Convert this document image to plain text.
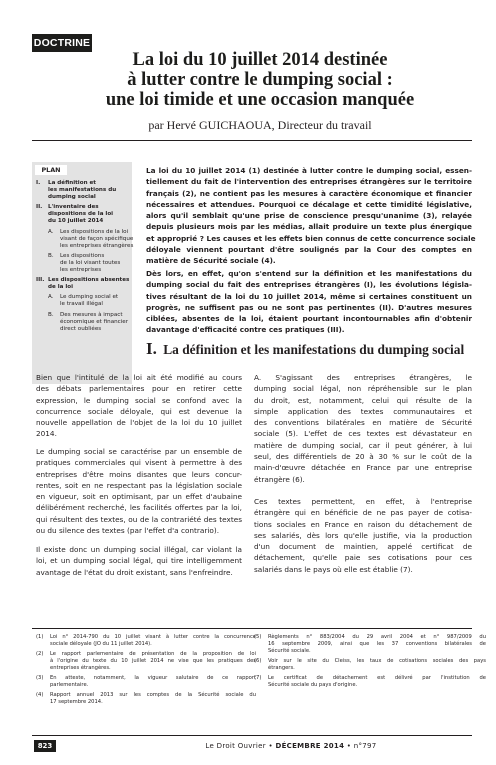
DOCTRINE
La loi du 10 juillet 2014 destinée
à lutter contre le dumping social :
une loi timide et une occasion manquée

par Hervé GUICHAOUA, Directeur du travail

PLAN
I. La définition et
les manifestations du
dumping social
II. L'inventaire des
dispositions de la loi
du 10 juillet 2014
A. Les dispositions de la loi
visant de façon spécifique
les entreprises étrangères
B. Les dispositions
de la loi visant toutes
les entreprises
III. Les dispositions absentes
de la loi
A. Le dumping social et
le travail illégal
B. Des mesures à impact
économique et financier
direct oubliées
La loi du 10 juillet 2014 (1) destinée à lutter contre le dumping social, essen-
tiellement du fait de l'intervention des entreprises étrangères sur le territoire
français (2), ne contient pas les mesures à caractère économique et financier
nécessaires et attendues. Pourquoi ce décalage et cette timidité législative,
alors qu'il semblait qu'une prise de conscience presqu'unanime (3), relayée
depuis plusieurs mois par les médias, allait produire un texte plus énergique
et approprié ? Les causes et les effets bien connus de cette concurrence sociale
déloyale viennent pourtant d'être soulignés par la Cour des comptes en
matière de Sécurité sociale (4).
Dès lors, en effet, qu'on s'entend sur la définition et les manifestations du
dumping social du fait des entreprises étrangères (I), les évolutions législa-
tives résultant de la loi du 10 juillet 2014, même si certaines constituent un
progrès, ne suffisent pas ou ne sont pas pertinentes (II). D'autres mesures
ciblées, absentes de la loi, étaient pourtant incontournables afin d'obtenir
davantage d'efficacité contre ces pratiques (III).
I. La définition et les manifestations du dumping social
Bien que l'intitulé de la loi ait été modifié au cours
des débats parlementaires pour en retirer cette
expression, le dumping social se confond avec la
concurrence sociale déloyale, qui est devenue la
nouvelle appellation de l'objet de la loi du 10 juillet
2014.
Le dumping social se caractérise par un ensemble de
pratiques commerciales qui visent à permettre à des
entreprises d'être moins disantes que leurs concur-
rentes, soit en ne respectant pas la législation sociale
en vigueur, soit en optimisant, par un effet d'aubaine
délibérément recherché, les facilités offertes par la loi,
qui résultent des textes, ou de la contrariété des textes
ou du silence des textes (par l'effet d'a contrario).
Il existe donc un dumping social illégal, car violant la
loi, et un dumping social légal, qui tire intelligemment
avantage de l'état du droit existant, sans l'enfreindre.
A. S'agissant des entreprises étrangères, le
dumping social légal, non répréhensible sur le plan
du droit, est, notamment, celui qui résulte de la
simple application des textes communautaires et
des conventions bilatérales en matière de Sécurité
sociale (5). L'effet de ces textes est dévastateur en
matière de dumping social, car il peut générer, à lui
seul, des différentiels de 20 à 30 % sur le coût de la
main-d'œuvre détachée en France par une entreprise
étrangère (6).
Ces textes permettent, en effet, à l'entreprise
étrangère qui en bénéficie de ne pas payer de cotisa-
tions sociales en France en raison du détachement de
ses salariés, dès lors qu'elle justifie, via la production
d'un document de maintien, appelé certificat de
détachement, qu'elle paie ses cotisations pour ces
salariés dans le pays où elle est établie (7).
(1) Loi n° 2014-790 du 10 juillet visant à lutter contre la concurrence
sociale déloyale (JO du 11 juillet 2014).
(2) Le rapport parlementaire de présentation de la proposition de loi
à l'origine du texte du 10 juillet 2014 ne vise que les pratiques des
entreprises étrangères.
(3) En atteste, notamment, la vigueur salutaire de ce rapport
parlementaire.
(4) Rapport annuel 2013 sur les comptes de la Sécurité sociale du
17 septembre 2014.
(5) Règlements n° 883/2004 du 29 avril 2004 et n° 987/2009 du
16 septembre 2009, ainsi que les 37 conventions bilatérales de
Sécurité sociale.
(6) Voir sur le site du Cleiss, les taux de cotisations sociales des pays
étrangers.
(7) Le certificat de détachement est délivré par l'institution de
Sécurité sociale du pays d'origine.
823	Le Droit Ouvrier • DÉCEMBRE 2014 • n°797
